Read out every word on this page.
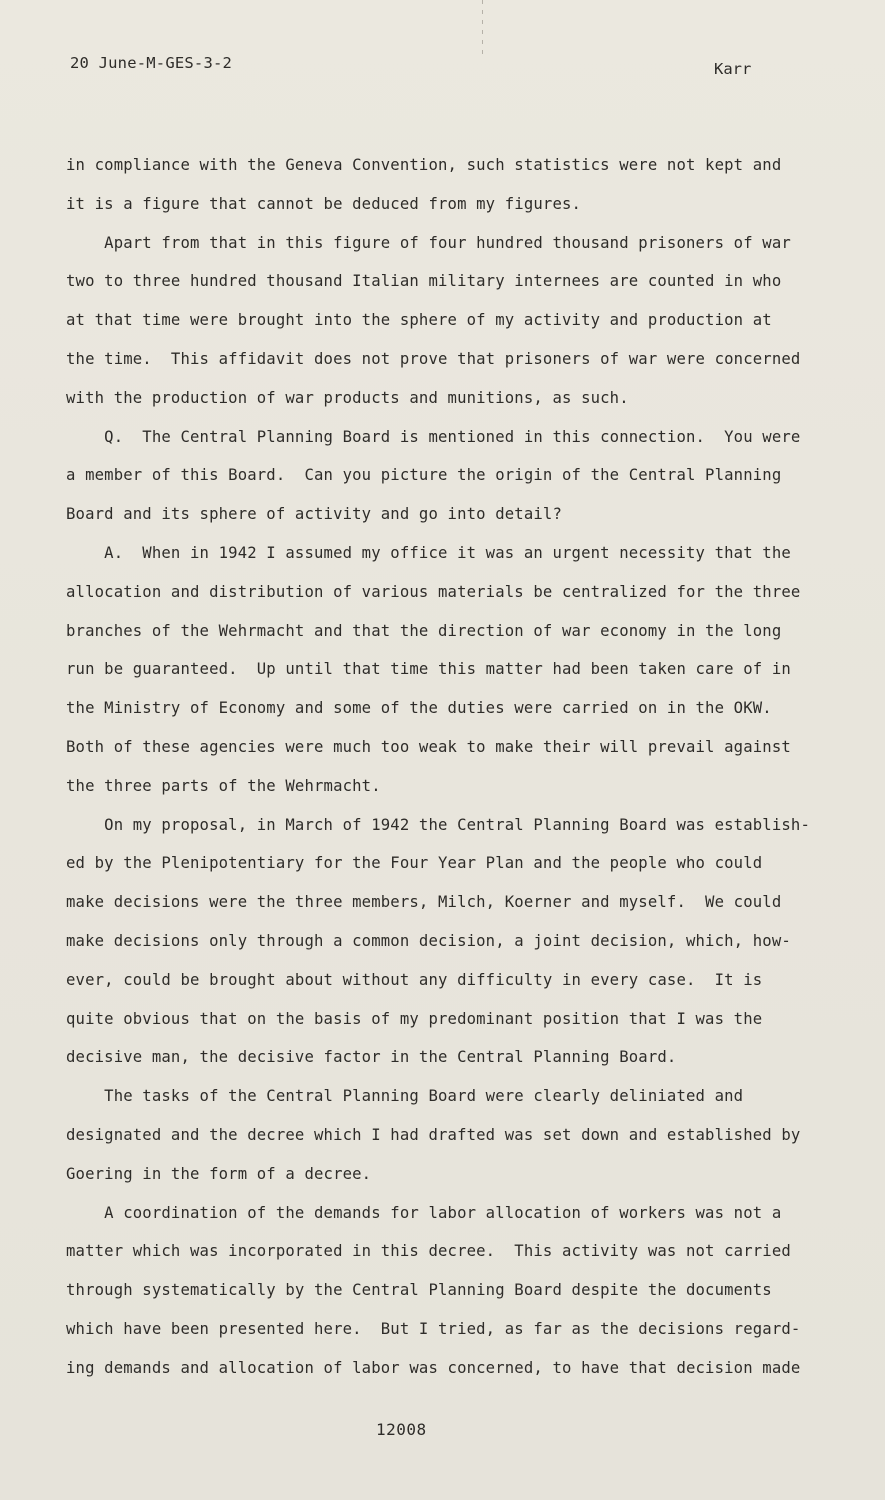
20 June-M-GES-3-2	Karr
in compliance with the Geneva Convention, such statistics were not kept and
it is a figure that cannot be deduced from my figures.
Apart from that in this figure of four hundred thousand prisoners of war
two to three hundred thousand Italian military internees are counted in who
at that time were brought into the sphere of my activity and production at
the time.  This affidavit does not prove that prisoners of war were concerned
with the production of war products and munitions, as such.
Q.  The Central Planning Board is mentioned in this connection.  You were
a member of this Board.  Can you picture the origin of the Central Planning
Board and its sphere of activity and go into detail?
A.  When in 1942 I assumed my office it was an urgent necessity that the
allocation and distribution of various materials be centralized for the three
branches of the Wehrmacht and that the direction of war economy in the long
run be guaranteed.  Up until that time this matter had been taken care of in
the Ministry of Economy and some of the duties were carried on in the OKW.
Both of these agencies were much too weak to make their will prevail against
the three parts of the Wehrmacht.
On my proposal, in March of 1942 the Central Planning Board was establish-
ed by the Plenipotentiary for the Four Year Plan and the people who could
make decisions were the three members, Milch, Koerner and myself.  We could
make decisions only through a common decision, a joint decision, which, how-
ever, could be brought about without any difficulty in every case.  It is
quite obvious that on the basis of my predominant position that I was the
decisive man, the decisive factor in the Central Planning Board.
The tasks of the Central Planning Board were clearly deliniated and
designated and the decree which I had drafted was set down and established by
Goering in the form of a decree.
A coordination of the demands for labor allocation of workers was not a
matter which was incorporated in this decree.  This activity was not carried
through systematically by the Central Planning Board despite the documents
which have been presented here.  But I tried, as far as the decisions regard-
ing demands and allocation of labor was concerned, to have that decision made
12008
